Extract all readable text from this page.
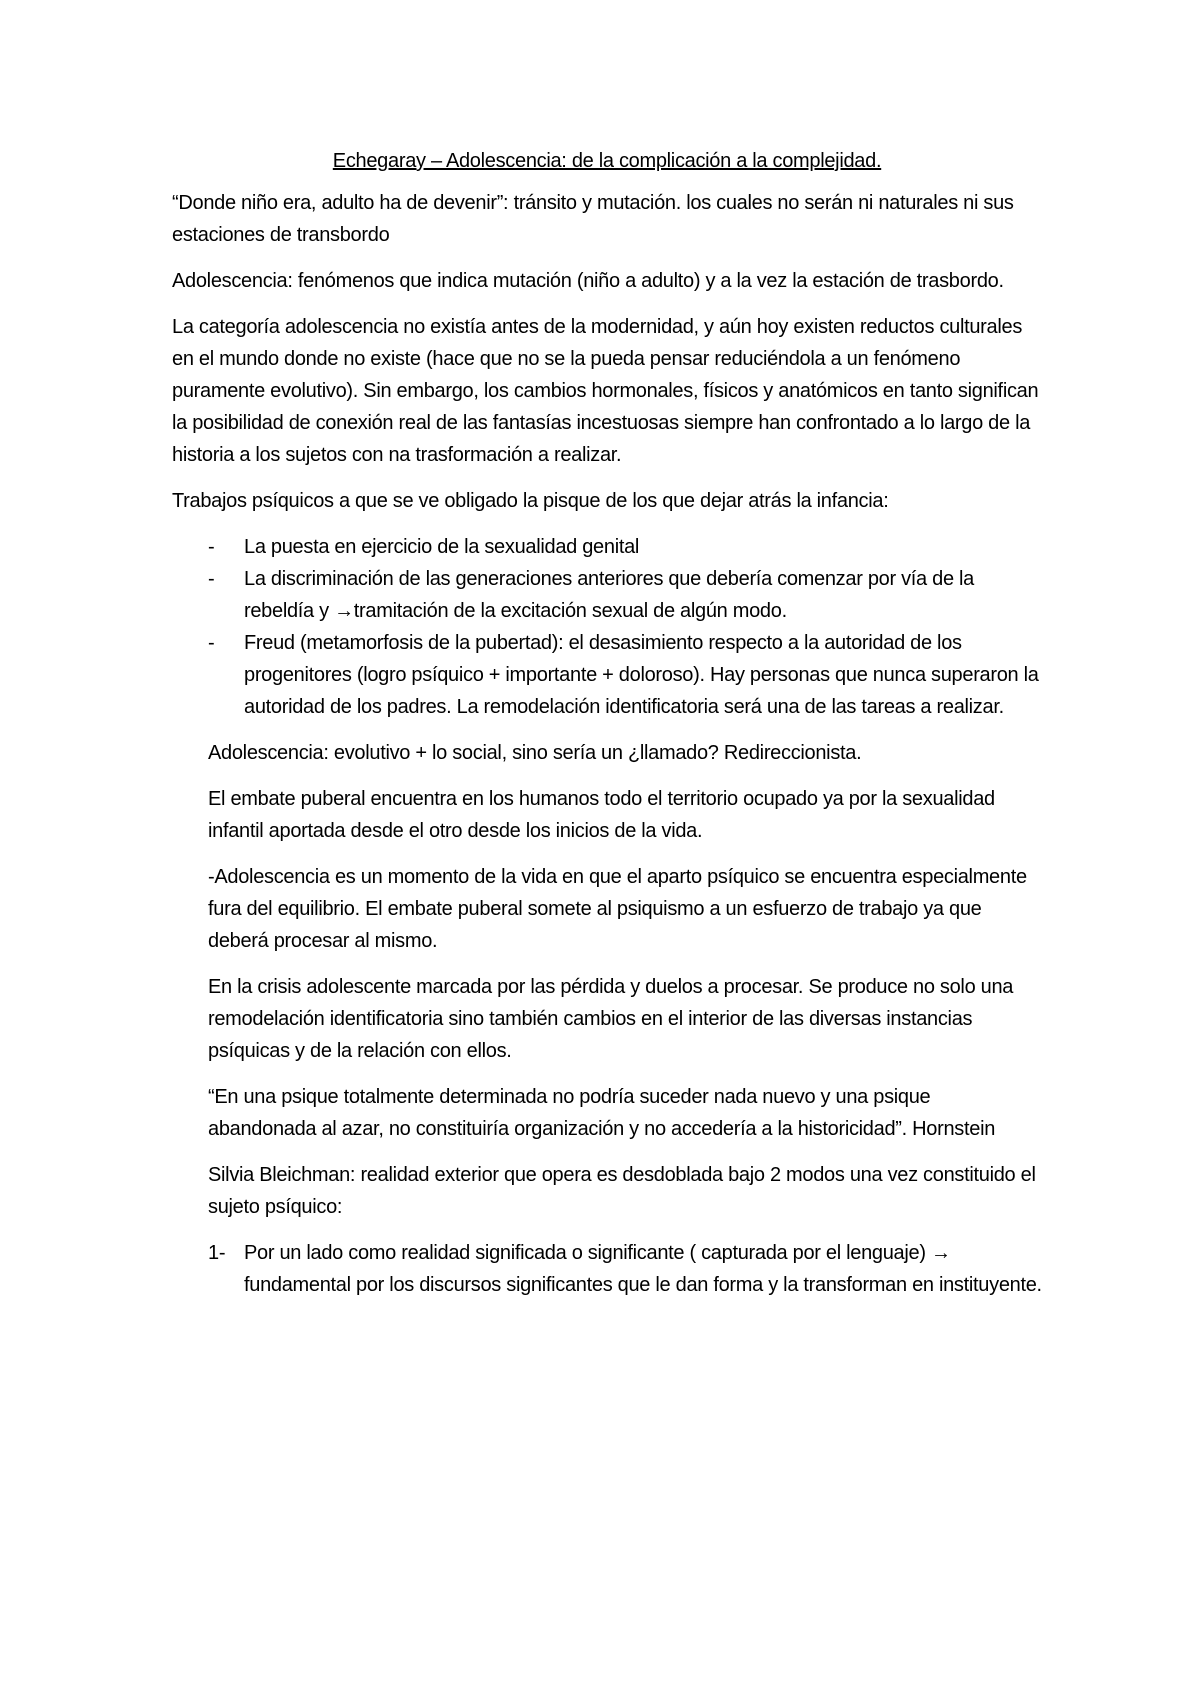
Echegaray – Adolescencia: de la complicación a la complejidad.

“Donde niño era, adulto ha de devenir”: tránsito y mutación. los cuales no serán ni naturales ni sus estaciones de transbordo

Adolescencia: fenómenos que indica mutación (niño a adulto) y a la vez la estación de trasbordo.

La categoría adolescencia no existía antes de la modernidad, y aún hoy existen reductos culturales en el mundo donde no existe (hace que no se la pueda pensar reduciéndola a un fenómeno puramente evolutivo). Sin embargo, los cambios hormonales, físicos y anatómicos en tanto significan la posibilidad de conexión real de las fantasías incestuosas siempre han confrontado a lo largo de la historia a los sujetos con na trasformación a realizar.

Trabajos psíquicos a que se ve obligado la pisque de los que dejar atrás la infancia:

-	La puesta en ejercicio de la sexualidad genital
-	La discriminación de las generaciones anteriores que debería comenzar por vía de la rebeldía y →tramitación de la excitación sexual de algún modo.
-	Freud (metamorfosis de la pubertad): el desasimiento respecto a la autoridad de los progenitores (logro psíquico + importante + doloroso). Hay personas que nunca superaron la autoridad de los padres. La remodelación identificatoria será una de las tareas a realizar.

Adolescencia: evolutivo + lo social, sino sería un ¿llamado? Redireccionista.

El embate puberal encuentra en los humanos todo el territorio ocupado ya por la sexualidad infantil aportada desde el otro desde los inicios de la vida.

-Adolescencia es un momento de la vida en que el aparto psíquico se encuentra especialmente fura del equilibrio. El embate puberal somete al psiquismo a un esfuerzo de trabajo ya que deberá procesar al mismo.

En la crisis adolescente marcada por las pérdida y duelos a procesar. Se produce no solo una remodelación identificatoria sino también cambios en el interior de las diversas instancias psíquicas y de la relación con ellos.

“En una psique totalmente determinada no podría suceder nada nuevo y una psique abandonada al azar, no constituiría organización y no accedería a la historicidad”. Hornstein

Silvia Bleichman: realidad exterior que opera es desdoblada bajo 2 modos una vez constituido el sujeto psíquico:

1- Por un lado como realidad significada o significante ( capturada por el lenguaje) → fundamental por los discursos significantes que le dan forma y la transforman en instituyente.
